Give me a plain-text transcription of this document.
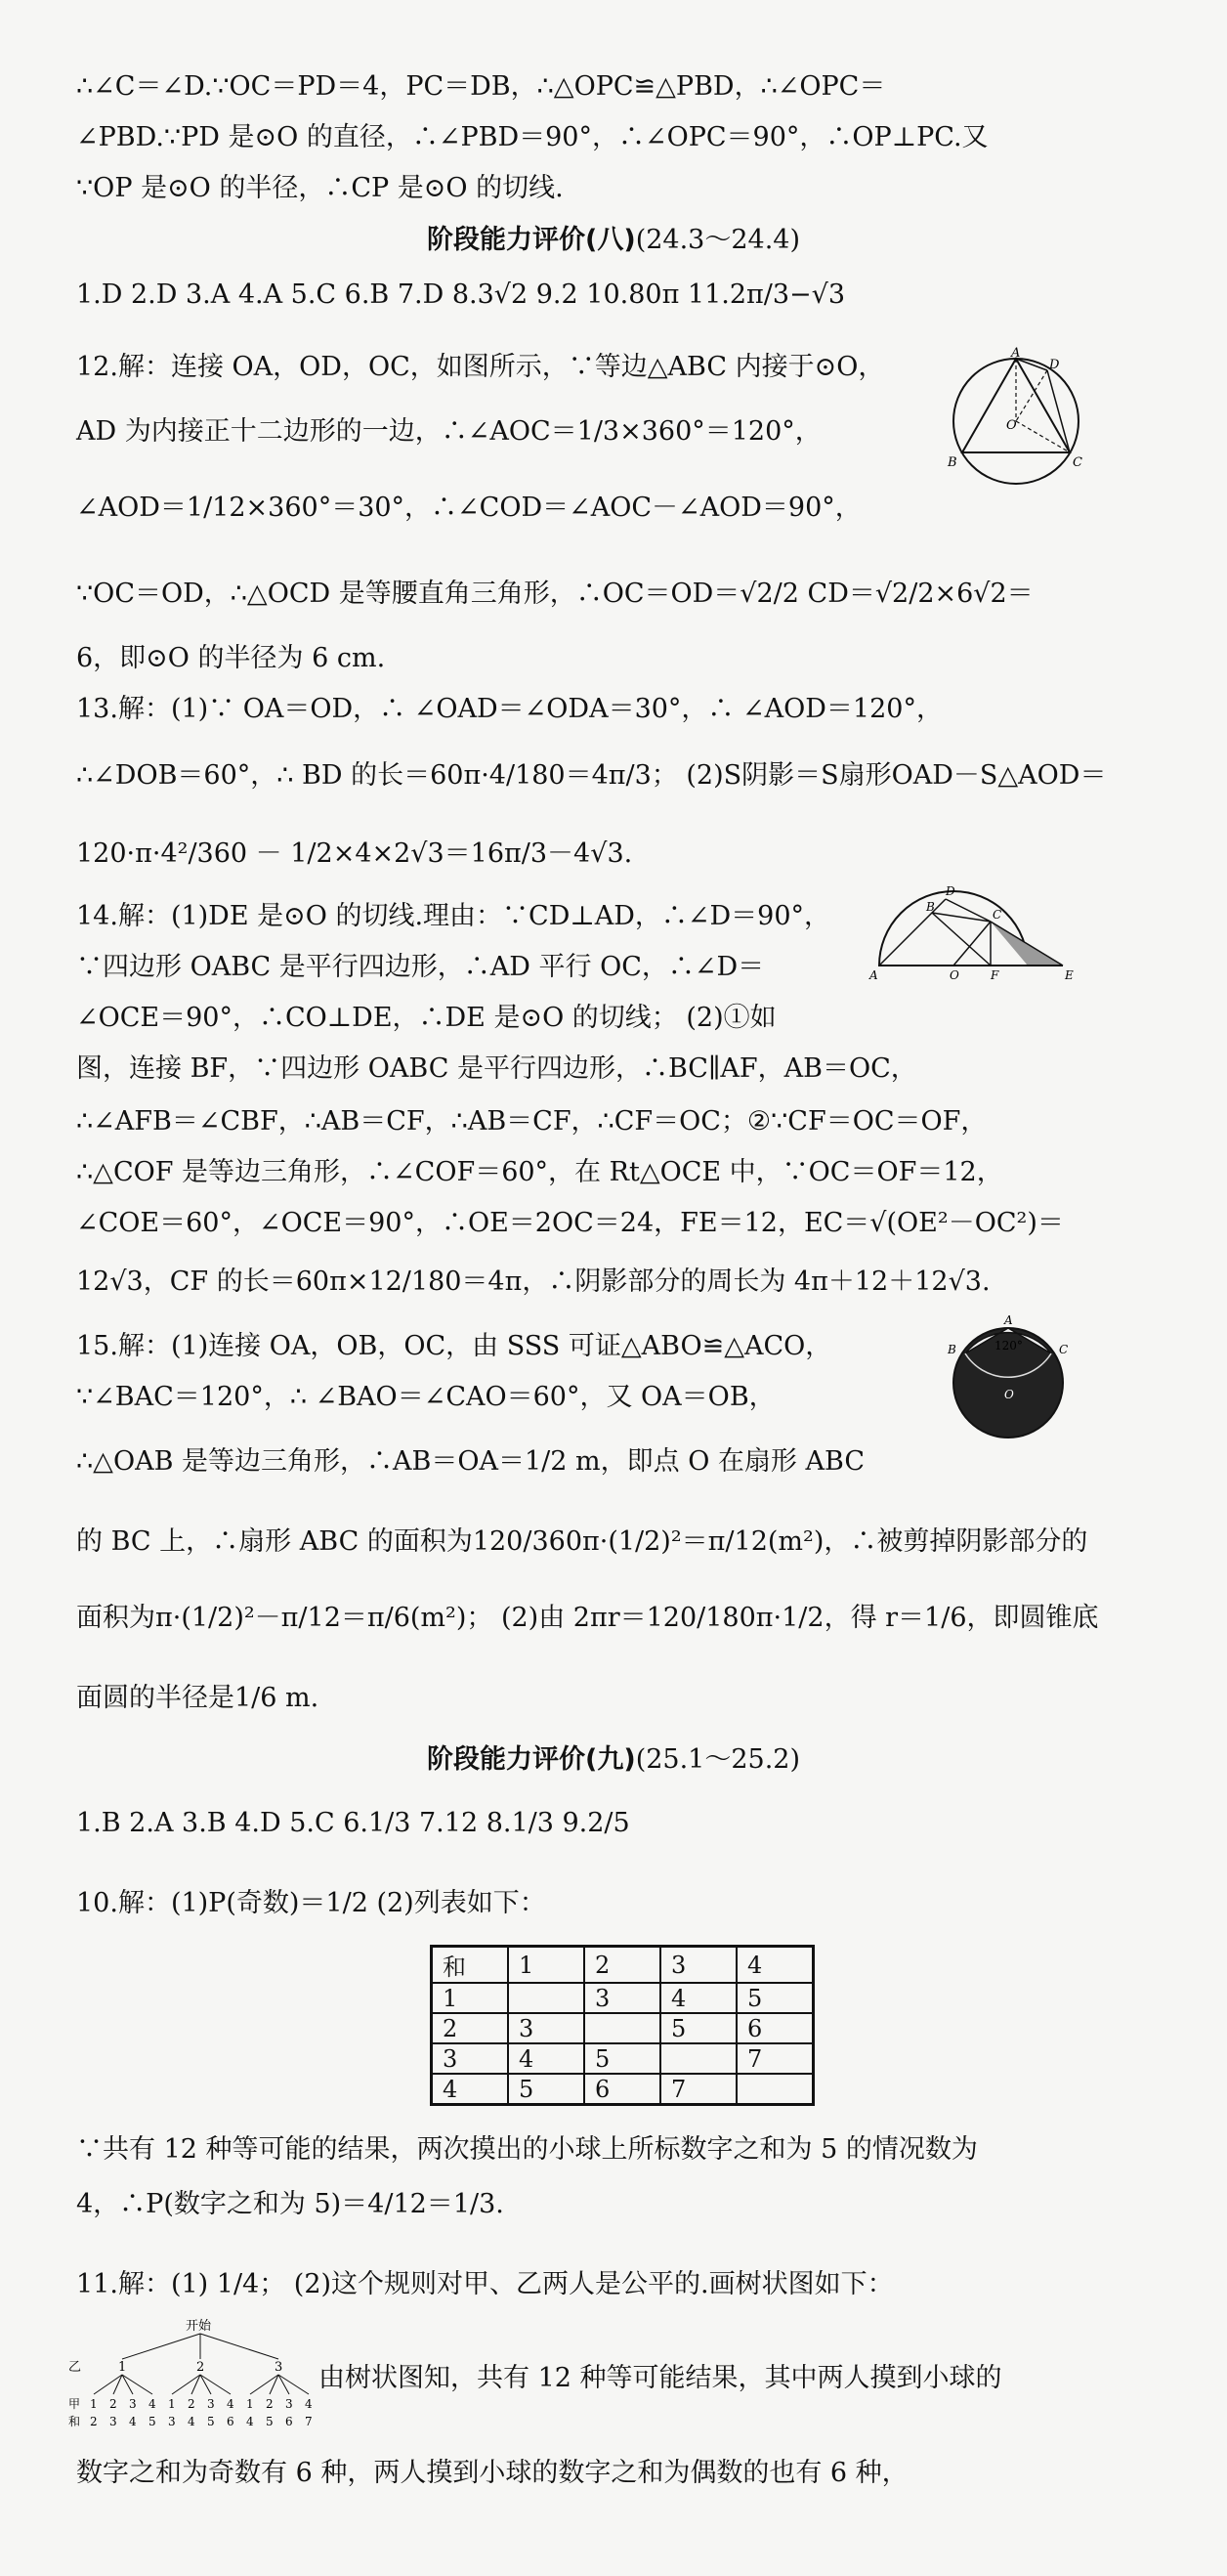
∴∠C＝∠D.∵OC＝PD＝4，PC＝DB，∴△OPC≌△PBD，∴∠OPC＝
∠PBD.∵PD 是⊙O 的直径，∴∠PBD＝90°，∴∠OPC＝90°，∴OP⊥PC.又
∵OP 是⊙O 的半径，∴CP 是⊙O 的切线.
阶段能力评价(八)(24.3～24.4)
1.D 2.D 3.A 4.A 5.C 6.B 7.D 8.3√2 9.2 10.80π 11.2π/3−√3
12.解：连接 OA，OD，OC，如图所示，∵等边△ABC 内接于⊙O，
AD 为内接正十二边形的一边，∴∠AOC＝1/3×360°＝120°，
∠AOD＝1/12×360°＝30°，∴∠COD＝∠AOC－∠AOD＝90°，
∵OC＝OD，∴△OCD 是等腰直角三角形，∴OC＝OD＝√2/2 CD＝√2/2×6√2＝
6，即⊙O 的半径为 6 cm.
13.解：(1)∵ OA＝OD，∴ ∠OAD＝∠ODA＝30°，∴ ∠AOD＝120°，
∴∠DOB＝60°，∴ BD 的长＝60π·4/180＝4π/3； (2)S阴影＝S扇形OAD－S△AOD＝
120·π·4²/360 － 1/2×4×2√3＝16π/3－4√3.
14.解：(1)DE 是⊙O 的切线.理由：∵CD⊥AD，∴∠D＝90°，
∵四边形 OABC 是平行四边形，∴AD 平行 OC，∴∠D＝
∠OCE＝90°，∴CO⊥DE，∴DE 是⊙O 的切线； (2)①如
图，连接 BF，∵四边形 OABC 是平行四边形，∴BC∥AF，AB＝OC，
∴∠AFB＝∠CBF，∴AB＝CF，∴AB＝CF，∴CF＝OC；②∵CF＝OC＝OF，
∴△COF 是等边三角形，∴∠COF＝60°，在 Rt△OCE 中，∵OC＝OF＝12，
∠COE＝60°，∠OCE＝90°，∴OE＝2OC＝24，FE＝12，EC＝√(OE²－OC²)＝
12√3，CF 的长＝60π×12/180＝4π，∴阴影部分的周长为 4π＋12＋12√3.
15.解：(1)连接 OA，OB，OC，由 SSS 可证△ABO≌△ACO，
∵∠BAC＝120°，∴ ∠BAO＝∠CAO＝60°，又 OA＝OB，
∴△OAB 是等边三角形，∴AB＝OA＝1/2 m，即点 O 在扇形 ABC
的 BC 上，∴扇形 ABC 的面积为120/360π·(1/2)²＝π/12(m²)，∴被剪掉阴影部分的
面积为π·(1/2)²－π/12＝π/6(m²)； (2)由 2πr＝120/180π·1/2，得 r＝1/6，即圆锥底
面圆的半径是1/6 m.
阶段能力评价(九)(25.1～25.2)
1.B 2.A 3.B 4.D 5.C 6.1/3 7.12 8.1/3 9.2/5
10.解：(1)P(奇数)＝1/2 (2)列表如下：
和	1	2	3	4
1		3	4	5
2	3		5	6
3	4	5		7
4	5	6	7	
∵共有 12 种等可能的结果，两次摸出的小球上所标数字之和为 5 的情况数为
4，∴P(数字之和为 5)＝4/12＝1/3.
11.解：(1) 1/4； (2)这个规则对甲、乙两人是公平的.画树状图如下：
由树状图知，共有 12 种等可能结果，其中两人摸到小球的
数字之和为奇数有 6 种，两人摸到小球的数字之和为偶数的也有 6 种，
A
D
O
B	C
D
C
B
A	O	F	E
A
B	C
O
120°
开始
乙	1	2	3
甲
和
1 2 3 4 1 2 3 4 1 2 3 4
2 3 4 5 3 4 5 6 4 5 6 7
